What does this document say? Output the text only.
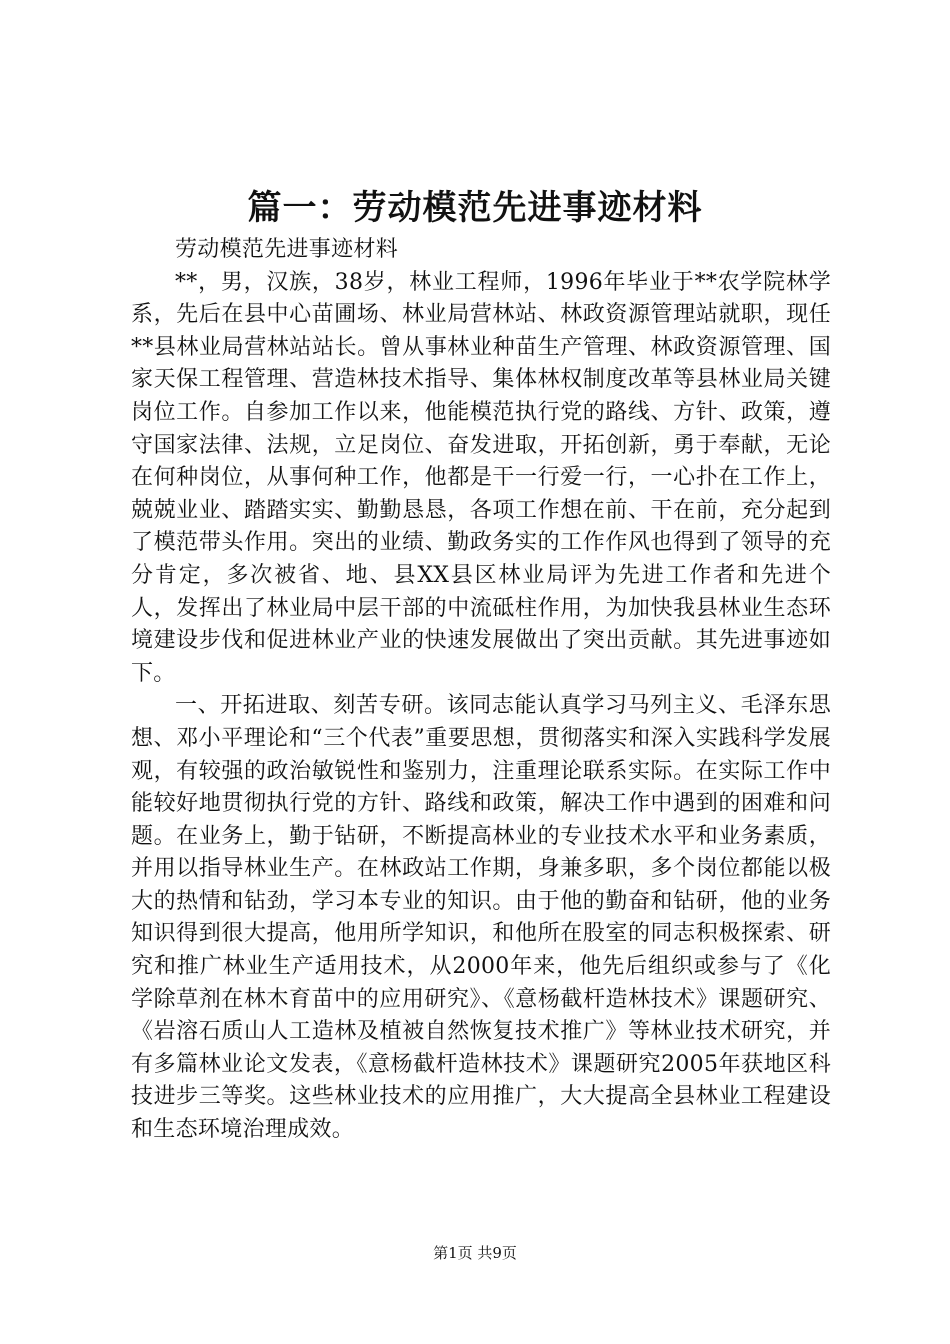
篇一：劳动模范先进事迹材料

劳动模范先进事迹材料

**，男，汉族，38岁，林业工程师，1996年毕业于**农学院林学系，先后在县中心苗圃场、林业局营林站、林政资源管理站就职，现任**县林业局营林站站长。曾从事林业种苗生产管理、林政资源管理、国家天保工程管理、营造林技术指导、集体林权制度改革等县林业局关键岗位工作。自参加工作以来，他能模范执行党的路线、方针、政策，遵守国家法律、法规，立足岗位、奋发进取，开拓创新，勇于奉献，无论在何种岗位，从事何种工作，他都是干一行爱一行，一心扑在工作上，兢兢业业、踏踏实实、勤勤恳恳，各项工作想在前、干在前，充分起到了模范带头作用。突出的业绩、勤政务实的工作作风也得到了领导的充分肯定，多次被省、地、县XX县区林业局评为先进工作者和先进个人，发挥出了林业局中层干部的中流砥柱作用，为加快我县林业生态环境建设步伐和促进林业产业的快速发展做出了突出贡献。其先进事迹如下。

一、开拓进取、刻苦专研。该同志能认真学习马列主义、毛泽东思想、邓小平理论和“三个代表”重要思想，贯彻落实和深入实践科学发展观，有较强的政治敏锐性和鉴别力，注重理论联系实际。在实际工作中能较好地贯彻执行党的方针、路线和政策，解决工作中遇到的困难和问题。在业务上，勤于钻研，不断提高林业的专业技术水平和业务素质，并用以指导林业生产。在林政站工作期，身兼多职，多个岗位都能以极大的热情和钻劲，学习本专业的知识。由于他的勤奋和钻研，他的业务知识得到很大提高，他用所学知识，和他所在股室的同志积极探索、研究和推广林业生产适用技术，从2000年来，他先后组织或参与了《化学除草剂在林木育苗中的应用研究》、《意杨截杆造林技术》课题研究、《岩溶石质山人工造林及植被自然恢复技术推广》等林业技术研究，并有多篇林业论文发表，《意杨截杆造林技术》课题研究2005年获地区科技进步三等奖。这些林业技术的应用推广，大大提高全县林业工程建设和生态环境治理成效。

第1页 共9页
